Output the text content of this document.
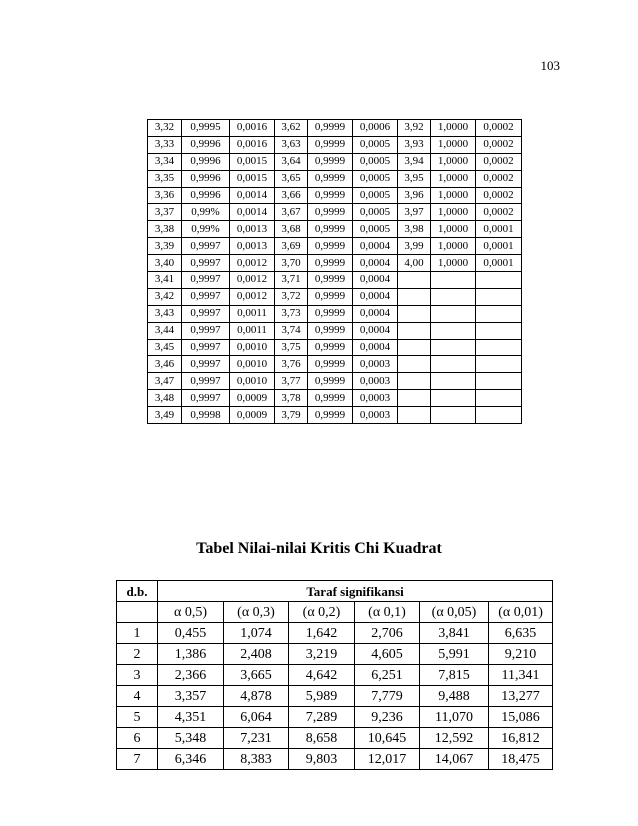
103
3,32	0,9995	0,0016	3,62	0,9999	0,0006	3,92	1,0000	0,0002
3,33	0,9996	0,0016	3,63	0,9999	0,0005	3,93	1,0000	0,0002
3,34	0,9996	0,0015	3,64	0,9999	0,0005	3,94	1,0000	0,0002
3,35	0,9996	0,0015	3,65	0,9999	0,0005	3,95	1,0000	0,0002
3,36	0,9996	0,0014	3,66	0,9999	0,0005	3,96	1,0000	0,0002
3,37	0,99%	0,0014	3,67	0,9999	0,0005	3,97	1,0000	0,0002
3,38	0,99%	0,0013	3,68	0,9999	0,0005	3,98	1,0000	0,0001
3,39	0,9997	0,0013	3,69	0,9999	0,0004	3,99	1,0000	0,0001
3,40	0,9997	0,0012	3,70	0,9999	0,0004	4,00	1,0000	0,0001
3,41	0,9997	0,0012	3,71	0,9999	0,0004			
3,42	0,9997	0,0012	3,72	0,9999	0,0004			
3,43	0,9997	0,0011	3,73	0,9999	0,0004			
3,44	0,9997	0,0011	3,74	0,9999	0,0004			
3,45	0,9997	0,0010	3,75	0,9999	0,0004			
3,46	0,9997	0,0010	3,76	0,9999	0,0003			
3,47	0,9997	0,0010	3,77	0,9999	0,0003			
3,48	0,9997	0,0009	3,78	0,9999	0,0003			
3,49	0,9998	0,0009	3,79	0,9999	0,0003			
Tabel Nilai-nilai Kritis Chi Kuadrat
d.b.	Taraf signifikansi					
	α 0,5)	(α 0,3)	(α 0,2)	(α 0,1)	(α 0,05)	(α 0,01)
1	0,455	1,074	1,642	2,706	3,841	6,635
2	1,386	2,408	3,219	4,605	5,991	9,210
3	2,366	3,665	4,642	6,251	7,815	11,341
4	3,357	4,878	5,989	7,779	9,488	13,277
5	4,351	6,064	7,289	9,236	11,070	15,086
6	5,348	7,231	8,658	10,645	12,592	16,812
7	6,346	8,383	9,803	12,017	14,067	18,475
